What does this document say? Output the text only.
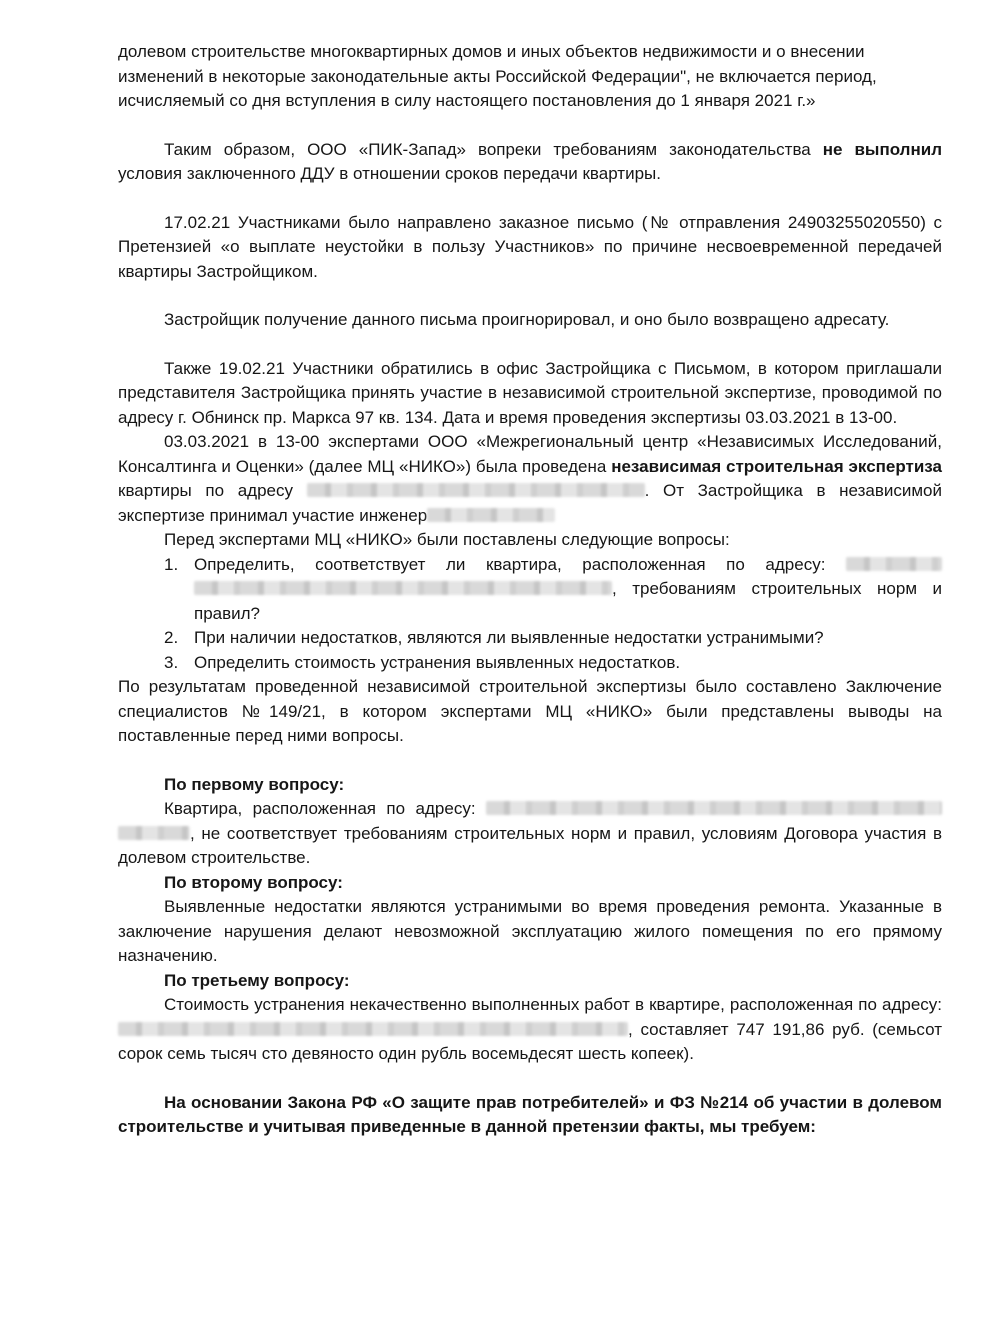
долевом строительстве многоквартирных домов и иных объектов недвижимости и о внесении изменений в некоторые законодательные акты Российской Федерации", не включается период, исчисляемый со дня вступления в силу настоящего постановления до 1 января 2021 г.»

Таким образом, ООО «ПИК-Запад» вопреки требованиям законодательства не выполнил условия заключенного ДДУ в отношении сроков передачи квартиры.

17.02.21 Участниками было направлено заказное письмо (№ отправления 24903255020550) с Претензией «о выплате неустойки в пользу Участников» по причине несвоевременной передачей квартиры Застройщиком.

Застройщик получение данного письма проигнорировал, и оно было возвращено адресату.

Также 19.02.21 Участники обратились в офис Застройщика с Письмом, в котором приглашали представителя Застройщика принять участие в независимой строительной экспертизе, проводимой по адресу г. Обнинск пр. Маркса 97 кв. 134. Дата и время проведения экспертизы 03.03.2021 в 13-00.

03.03.2021 в 13-00 экспертами ООО «Межрегиональный центр «Независимых Исследований, Консалтинга и Оценки» (далее МЦ «НИКО») была проведена независимая строительная экспертиза квартиры по адресу	. От Застройщика в независимой экспертизе принимал участие инженер

Перед экспертами МЦ «НИКО» были поставлены следующие вопросы:

1. Определить, соответствует ли квартира, расположенная по адресу:  , требованиям строительных норм и правил?
2. При наличии недостатков, являются ли выявленные недостатки устранимыми?
3. Определить стоимость устранения выявленных недостатков.

По результатам проведенной независимой строительной экспертизы было составлено Заключение специалистов №149/21, в котором экспертами МЦ «НИКО» были представлены выводы на поставленные перед ними вопросы.

По первому вопросу:

Квартира, расположенная по адресу:  , не соответствует требованиям строительных норм и правил, условиям Договора участия в долевом строительстве.

По второму вопросу:

Выявленные недостатки являются устранимыми во время проведения ремонта. Указанные в заключение нарушения делают невозможной эксплуатацию жилого помещения по его прямому назначению.

По третьему вопросу:

Стоимость устранения некачественно выполненных работ в квартире, расположенная по адресу: , составляет 747 191,86 руб. (семьсот сорок семь тысяч сто девяносто один рубль восемьдесят шесть копеек).

На основании Закона РФ «О защите прав потребителей» и ФЗ №214 об участии в долевом строительстве и учитывая приведенные в данной претензии факты, мы требуем:
